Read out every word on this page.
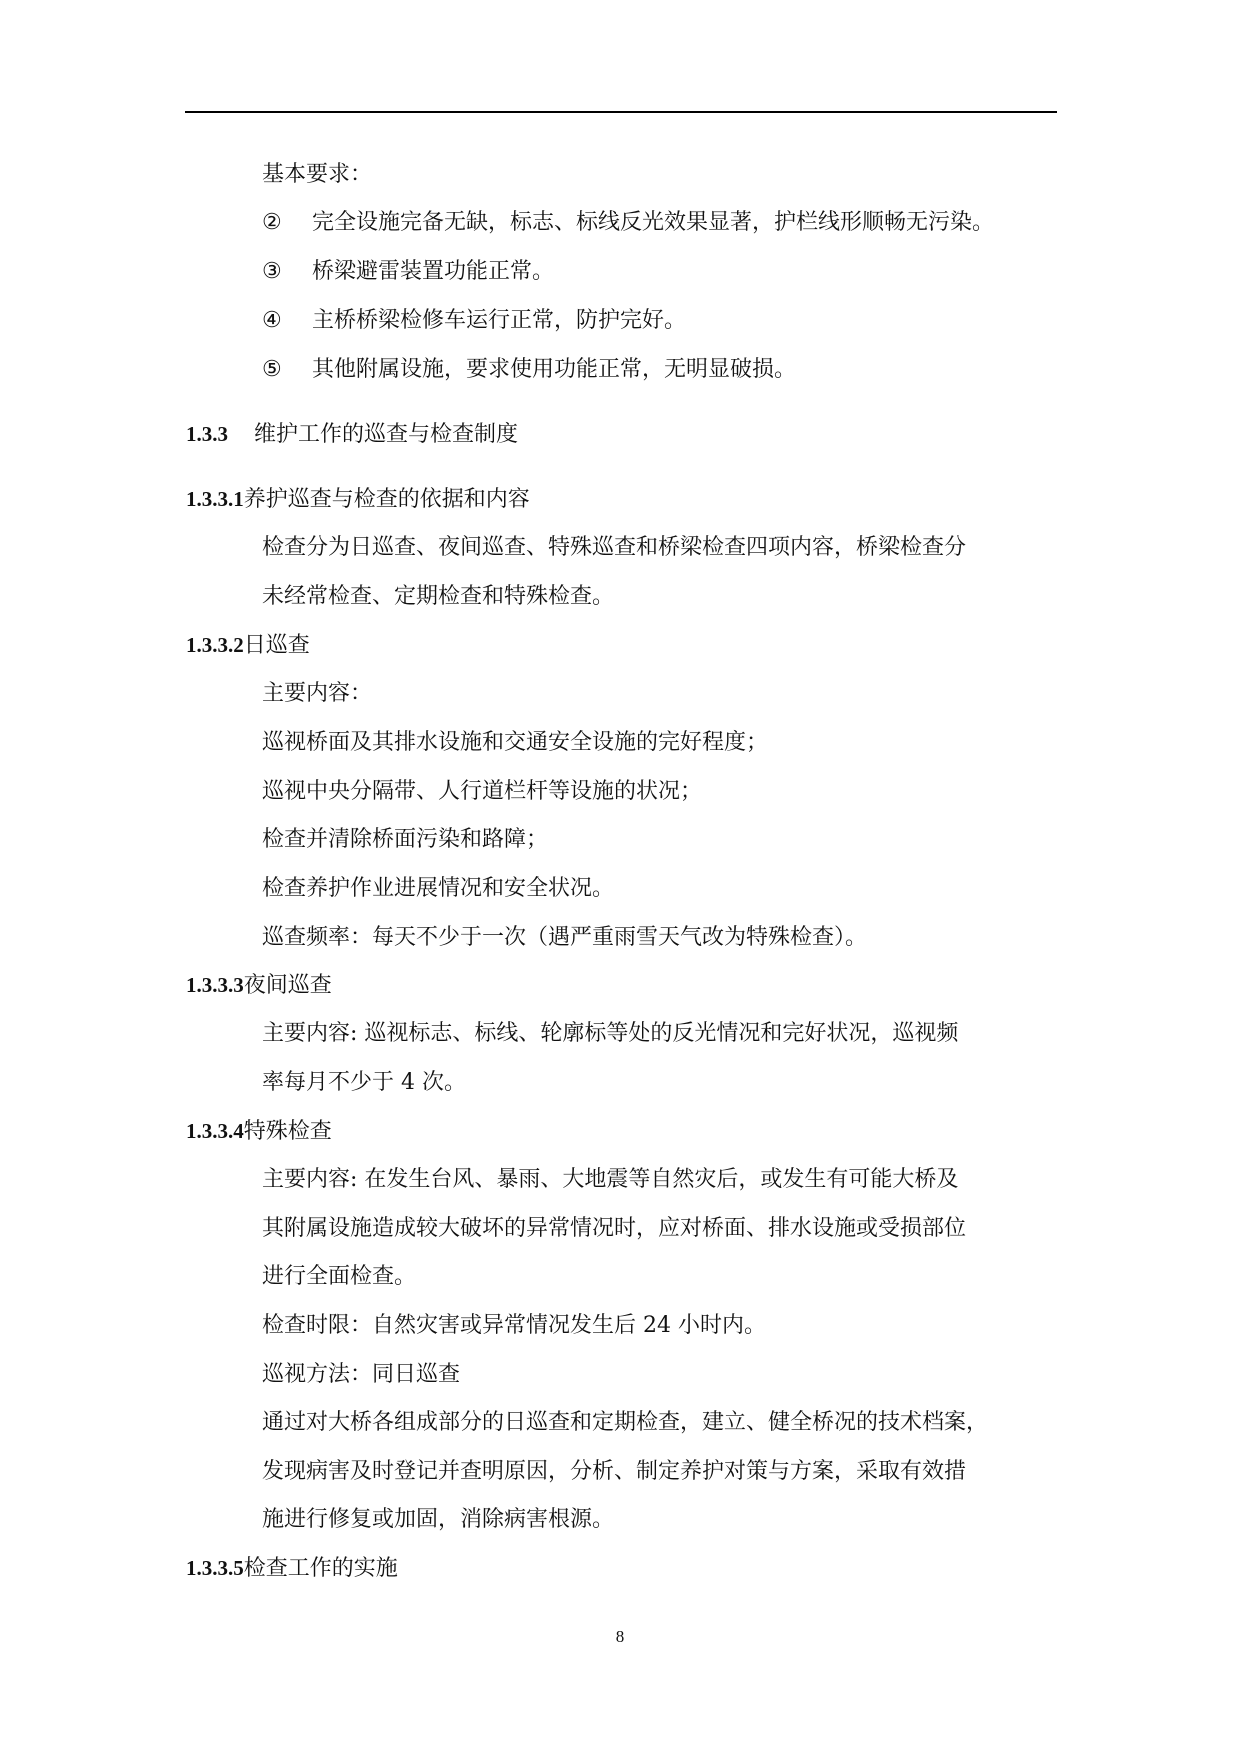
基本要求：
② 完全设施完备无缺，标志、标线反光效果显著，护栏线形顺畅无污染。
③ 桥梁避雷装置功能正常。
④ 主桥桥梁检修车运行正常，防护完好。
⑤ 其他附属设施，要求使用功能正常，无明显破损。
1.3.3 维护工作的巡查与检查制度
1.3.3.1养护巡查与检查的依据和内容
检查分为日巡查、夜间巡查、特殊巡查和桥梁检查四项内容，桥梁检查分
未经常检查、定期检查和特殊检查。
1.3.3.2日巡查
主要内容：
巡视桥面及其排水设施和交通安全设施的完好程度；
巡视中央分隔带、人行道栏杆等设施的状况；
检查并清除桥面污染和路障；
检查养护作业进展情况和安全状况。
巡查频率：每天不少于一次（遇严重雨雪天气改为特殊检查）。
1.3.3.3夜间巡查
主要内容: 巡视标志、标线、轮廓标等处的反光情况和完好状况，巡视频
率每月不少于 4 次。
1.3.3.4特殊检查
主要内容: 在发生台风、暴雨、大地震等自然灾后，或发生有可能大桥及
其附属设施造成较大破坏的异常情况时，应对桥面、排水设施或受损部位
进行全面检查。
检查时限：自然灾害或异常情况发生后 24 小时内。
巡视方法：同日巡查
通过对大桥各组成部分的日巡查和定期检查，建立、健全桥况的技术档案，
发现病害及时登记并查明原因，分析、制定养护对策与方案，采取有效措
施进行修复或加固，消除病害根源。
1.3.3.5检查工作的实施
8
